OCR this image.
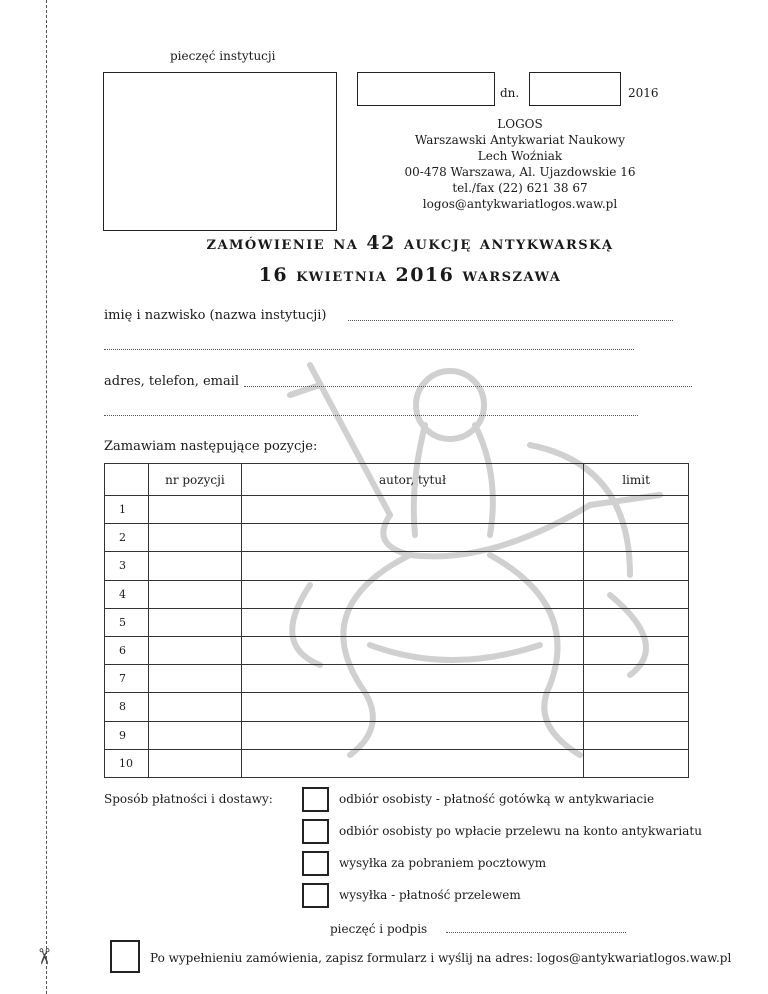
✂
pieczęć instytucji
dn.	2016
LOGOS
Warszawski Antykwariat Naukowy
Lech Woźniak
00-478 Warszawa, Al. Ujazdowskie 16
tel./fax (22) 621 38 67
logos@antykwariatlogos.waw.pl
zamówienie na 42 aukcję antykwarską
16 kwietnia 2016 warszawa
imię i nazwisko (nazwa instytucji)
adres, telefon, email
Zamawiam następujące pozycje:
	nr pozycji	autor, tytuł	limit
1			
2			
3			
4			
5			
6			
7			
8			
9			
10			
Sposób płatności i dostawy:	odbiór osobisty - płatność gotówką w antykwariacie
odbiór osobisty po wpłacie przelewu na konto antykwariatu
wysyłka za pobraniem pocztowym
wysyłka - płatność przelewem
pieczęć i podpis
Po wypełnieniu zamówienia, zapisz formularz i wyślij na adres: logos@antykwariatlogos.waw.pl
